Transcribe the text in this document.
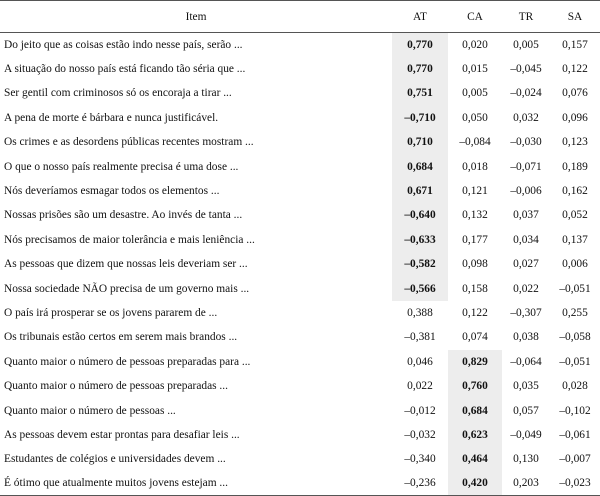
Item	AT	CA	TR	SA
Do jeito que as coisas estão indo nesse país, serão ...	0,770	0,020	0,005	0,157
A situação do nosso país está ficando tão séria que ...	0,770	0,015	–0,045	0,122
Ser gentil com criminosos só os encoraja a tirar ...	0,751	0,005	–0,024	0,076
A pena de morte é bárbara e nunca justificável.	–0,710	0,050	0,032	0,096
Os crimes e as desordens públicas recentes mostram ...	0,710	–0,084	–0,030	0,123
O que o nosso país realmente precisa é uma dose ...	0,684	0,018	–0,071	0,189
Nós deveríamos esmagar todos os elementos ...	0,671	0,121	–0,006	0,162
Nossas prisões são um desastre. Ao invés de tanta ...	–0,640	0,132	0,037	0,052
Nós precisamos de maior tolerância e mais leniência ...	–0,633	0,177	0,034	0,137
As pessoas que dizem que nossas leis deveriam ser ...	–0,582	0,098	0,027	0,006
Nossa sociedade NÃO precisa de um governo mais ...	–0,566	0,158	0,022	–0,051
O país irá prosperar se os jovens pararem de ...	0,388	0,122	–0,307	0,255
Os tribunais estão certos em serem mais brandos ...	–0,381	0,074	0,038	–0,058
Quanto maior o número de pessoas preparadas para ...	0,046	0,829	–0,064	–0,051
Quanto maior o número de pessoas preparadas ...	0,022	0,760	0,035	0,028
Quanto maior o número de pessoas ...	–0,012	0,684	0,057	–0,102
As pessoas devem estar prontas para desafiar leis ...	–0,032	0,623	–0,049	–0,061
Estudantes de colégios e universidades devem ...	–0,340	0,464	0,130	–0,007
É ótimo que atualmente muitos jovens estejam ...	–0,236	0,420	0,203	–0,023
